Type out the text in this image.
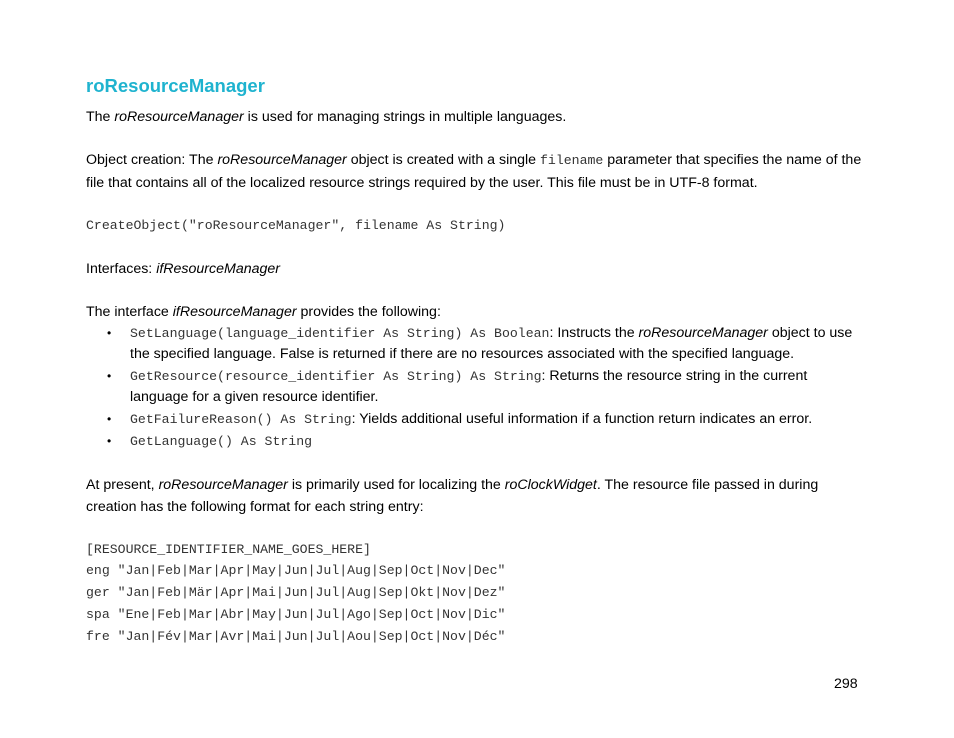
roResourceManager

The roResourceManager is used for managing strings in multiple languages.

Object creation: The roResourceManager object is created with a single filename parameter that specifies the name of the file that contains all of the localized resource strings required by the user. This file must be in UTF-8 format.

CreateObject("roResourceManager", filename As String)

Interfaces: ifResourceManager

The interface ifResourceManager provides the following:

• SetLanguage(language_identifier As String) As Boolean: Instructs the roResourceManager object to use the specified language. False is returned if there are no resources associated with the specified language.
• GetResource(resource_identifier As String) As String: Returns the resource string in the current language for a given resource identifier.
• GetFailureReason() As String: Yields additional useful information if a function return indicates an error.
• GetLanguage() As String

At present, roResourceManager is primarily used for localizing the roClockWidget. The resource file passed in during creation has the following format for each string entry:

[RESOURCE_IDENTIFIER_NAME_GOES_HERE]
eng "Jan|Feb|Mar|Apr|May|Jun|Jul|Aug|Sep|Oct|Nov|Dec"
ger "Jan|Feb|Mär|Apr|Mai|Jun|Jul|Aug|Sep|Okt|Nov|Dez"
spa "Ene|Feb|Mar|Abr|May|Jun|Jul|Ago|Sep|Oct|Nov|Dic"
fre "Jan|Fév|Mar|Avr|Mai|Jun|Jul|Aou|Sep|Oct|Nov|Déc"
298
